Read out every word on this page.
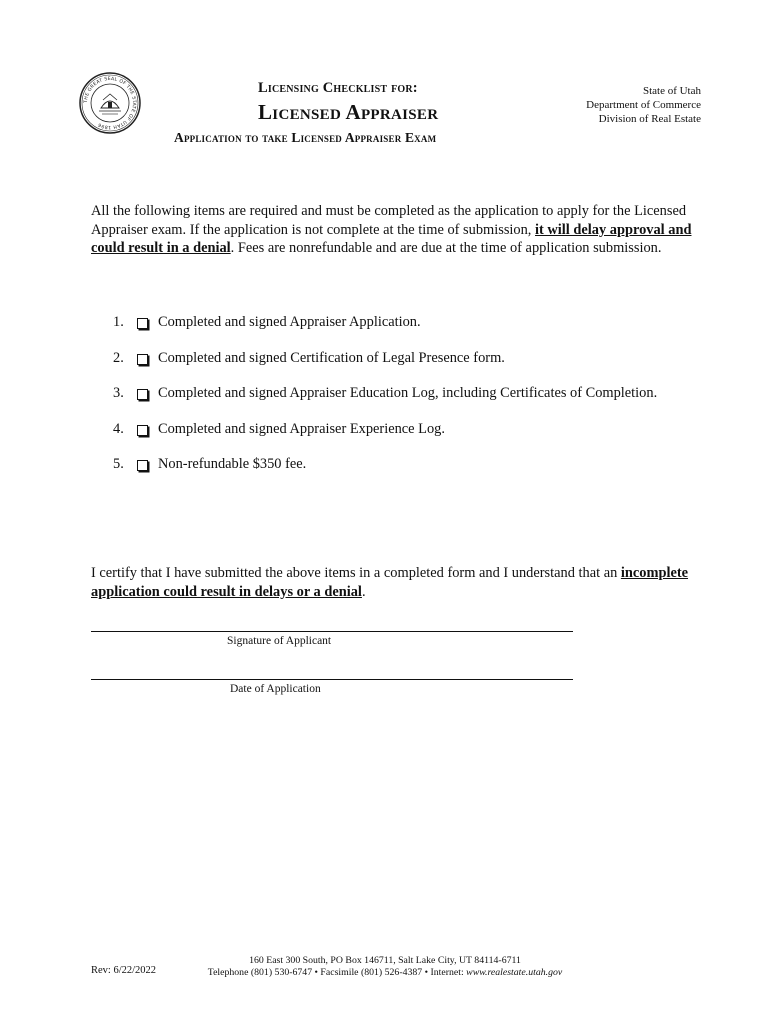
THE GREAT SEAL OF THE STATE OF UTAH 1896
Licensing Checklist for:
Licensed Appraiser
Application to take Licensed Appraiser Exam
State of Utah
Department of Commerce
Division of Real Estate
All the following items are required and must be completed as the application to apply for the Licensed Appraiser exam. If the application is not complete at the time of submission, it will delay approval and could result in a denial. Fees are nonrefundable and are due at the time of application submission.
1.	Completed and signed Appraiser Application.
2.	Completed and signed Certification of Legal Presence form.
3.	Completed and signed Appraiser Education Log, including Certificates of Completion.
4.	Completed and signed Appraiser Experience Log.
5.	Non-refundable $350 fee.
I certify that I have submitted the above items in a completed form and I understand that an incomplete application could result in delays or a denial.
Signature of Applicant
Date of Application
Rev: 6/22/2022
160 East 300 South, PO Box 146711, Salt Lake City, UT 84114-6711
Telephone (801) 530-6747 • Facsimile (801) 526-4387 • Internet: www.realestate.utah.gov
